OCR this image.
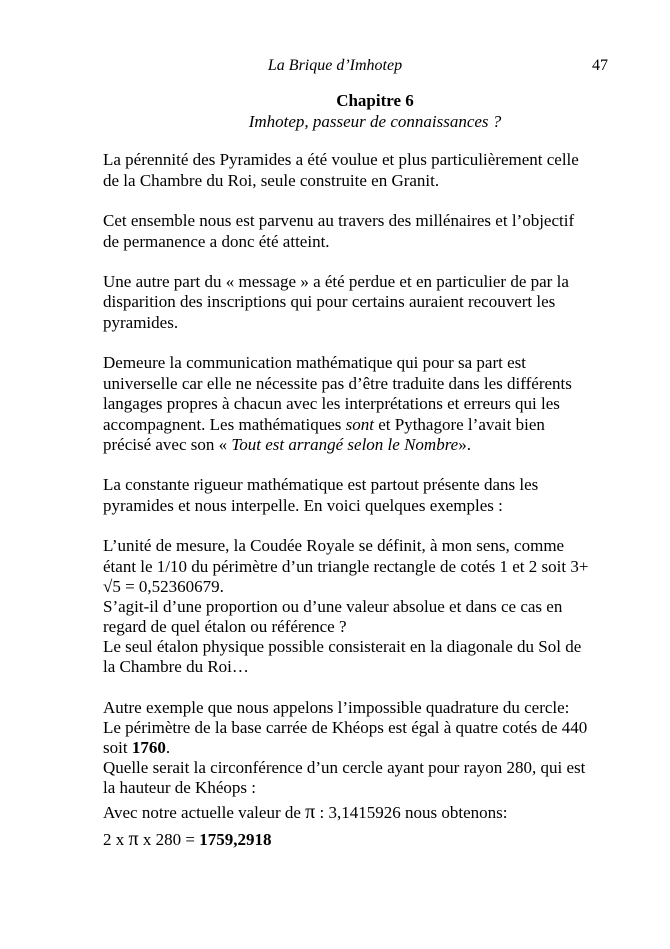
La Brique d’Imhotep	47

Chapitre 6

Imhotep, passeur de connaissances ?

La pérennité des Pyramides a été voulue et plus particulièrement celle

de la Chambre du Roi, seule construite en Granit.

Cet ensemble nous est parvenu au travers des millénaires et l’objectif

de permanence a donc été atteint.

Une autre part du « message » a été perdue et en particulier de par la

disparition des inscriptions qui pour certains auraient recouvert les

pyramides.

Demeure la communication mathématique qui pour sa part est

universelle car elle ne nécessite pas d’être traduite dans les différents

langages propres à chacun avec les interprétations et erreurs qui les

accompagnent. Les mathématiques sont et Pythagore l’avait bien

précisé avec son « Tout est arrangé selon le Nombre».

La constante rigueur mathématique est partout présente dans les

pyramides et nous interpelle. En voici quelques exemples :

L’unité de mesure, la Coudée Royale se définit, à mon sens, comme

étant le 1/10 du périmètre d’un triangle rectangle de cotés 1 et 2 soit 3+

√5 = 0,52360679.

S’agit-il d’une proportion ou d’une valeur absolue et dans ce cas en

regard de quel étalon ou référence ?

Le seul étalon physique possible consisterait en la diagonale du Sol de

la Chambre du Roi…

Autre exemple que nous appelons l’impossible quadrature du cercle:

Le périmètre de la base carrée de Khéops est égal à quatre cotés de 440

soit 1760.

Quelle serait la circonférence d’un cercle ayant pour rayon 280, qui est

la hauteur de Khéops :

Avec notre actuelle valeur de π : 3,1415926 nous obtenons:

2 x π x 280 = 1759,2918
